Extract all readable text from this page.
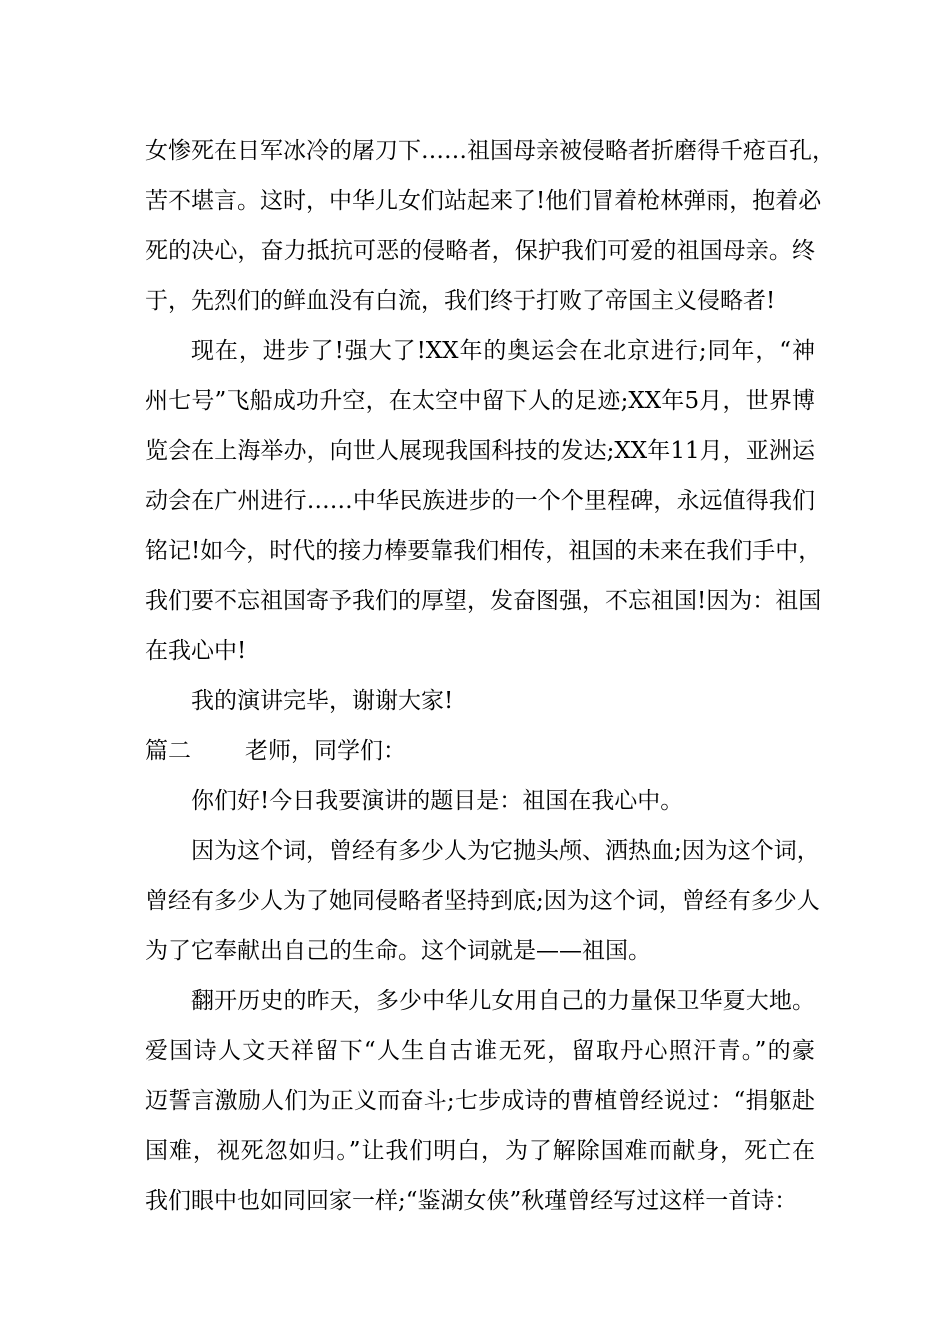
女惨死在日军冰冷的屠刀下……祖国母亲被侵略者折磨得千疮百孔，
苦不堪言。这时，中华儿女们站起来了!他们冒着枪林弹雨，抱着必
死的决心，奋力抵抗可恶的侵略者，保护我们可爱的祖国母亲。终
于，先烈们的鲜血没有白流，我们终于打败了帝国主义侵略者!
现在，进步了!强大了!XX年的奥运会在北京进行;同年，“神
州七号”飞船成功升空，在太空中留下人的足迹;XX年5月，世界博
览会在上海举办，向世人展现我国科技的发达;XX年11月，亚洲运
动会在广州进行……中华民族进步的一个个里程碑，永远值得我们
铭记!如今，时代的接力棒要靠我们相传，祖国的未来在我们手中，
我们要不忘祖国寄予我们的厚望，发奋图强，不忘祖国!因为：祖国
在我心中!
我的演讲完毕，谢谢大家!
篇二 老师，同学们：
你们好!今日我要演讲的题目是：祖国在我心中。
因为这个词，曾经有多少人为它抛头颅、洒热血;因为这个词，
曾经有多少人为了她同侵略者坚持到底;因为这个词，曾经有多少人
为了它奉献出自己的生命。这个词就是——祖国。
翻开历史的昨天，多少中华儿女用自己的力量保卫华夏大地。
爱国诗人文天祥留下“人生自古谁无死，留取丹心照汗青。”的豪
迈誓言激励人们为正义而奋斗;七步成诗的曹植曾经说过：“捐躯赴
国难，视死忽如归。”让我们明白，为了解除国难而献身，死亡在
我们眼中也如同回家一样;“鉴湖女侠”秋瑾曾经写过这样一首诗：
